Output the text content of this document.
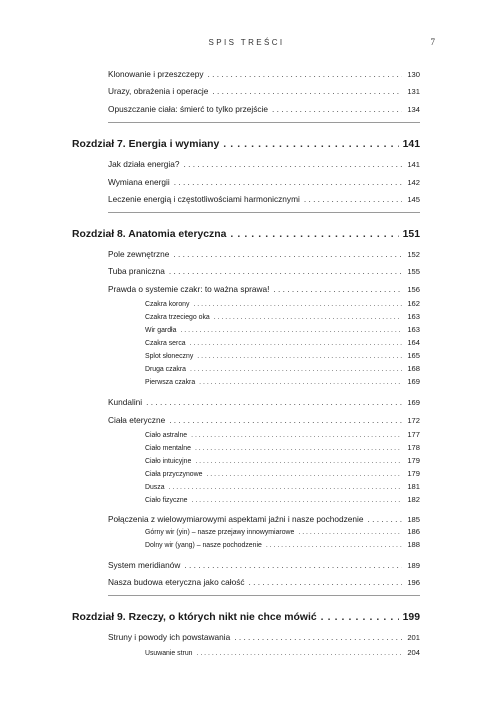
SPIS TREŚCI	7
Klonowanie i przeszczepy . . .	130
Urazy, obrażenia i operacje . . .	131
Opuszczanie ciała: śmierć to tylko przejście . . .	134
Rozdział 7. Energia i wymiany . . .	141
Jak działa energia? . . .	141
Wymiana energii . . .	142
Leczenie energią i częstotliwościami harmonicznymi . . .	145
Rozdział 8. Anatomia eteryczna . . .	151
Pole zewnętrzne . . .	152
Tuba praniczna . . .	155
Prawda o systemie czakr: to ważna sprawa! . . .	156
Czakra korony . . .	162
Czakra trzeciego oka . . .	163
Wir gardła . . .	163
Czakra serca . . .	164
Splot słoneczny . . .	165
Druga czakra . . .	168
Pierwsza czakra . . .	169
Kundalini . . .	169
Ciała eteryczne . . .	172
Ciało astralne . . .	177
Ciało mentalne . . .	178
Ciało intuicyjne . . .	179
Ciała przyczynowe . . .	179
Dusza . . .	181
Ciało fizyczne . . .	182
Połączenia z wielowymiarowymi aspektami jaźni i nasze pochodzenie . . .	185
Górny wir (yin) – nasze przejawy innowymiarowe . . .	186
Dolny wir (yang) – nasze pochodzenie . . .	188
System meridianów . . .	189
Nasza budowa eteryczna jako całość . . .	196
Rozdział 9. Rzeczy, o których nikt nie chce mówić . . .	199
Struny i powody ich powstawania . . .	201
Usuwanie strun . . .	204
